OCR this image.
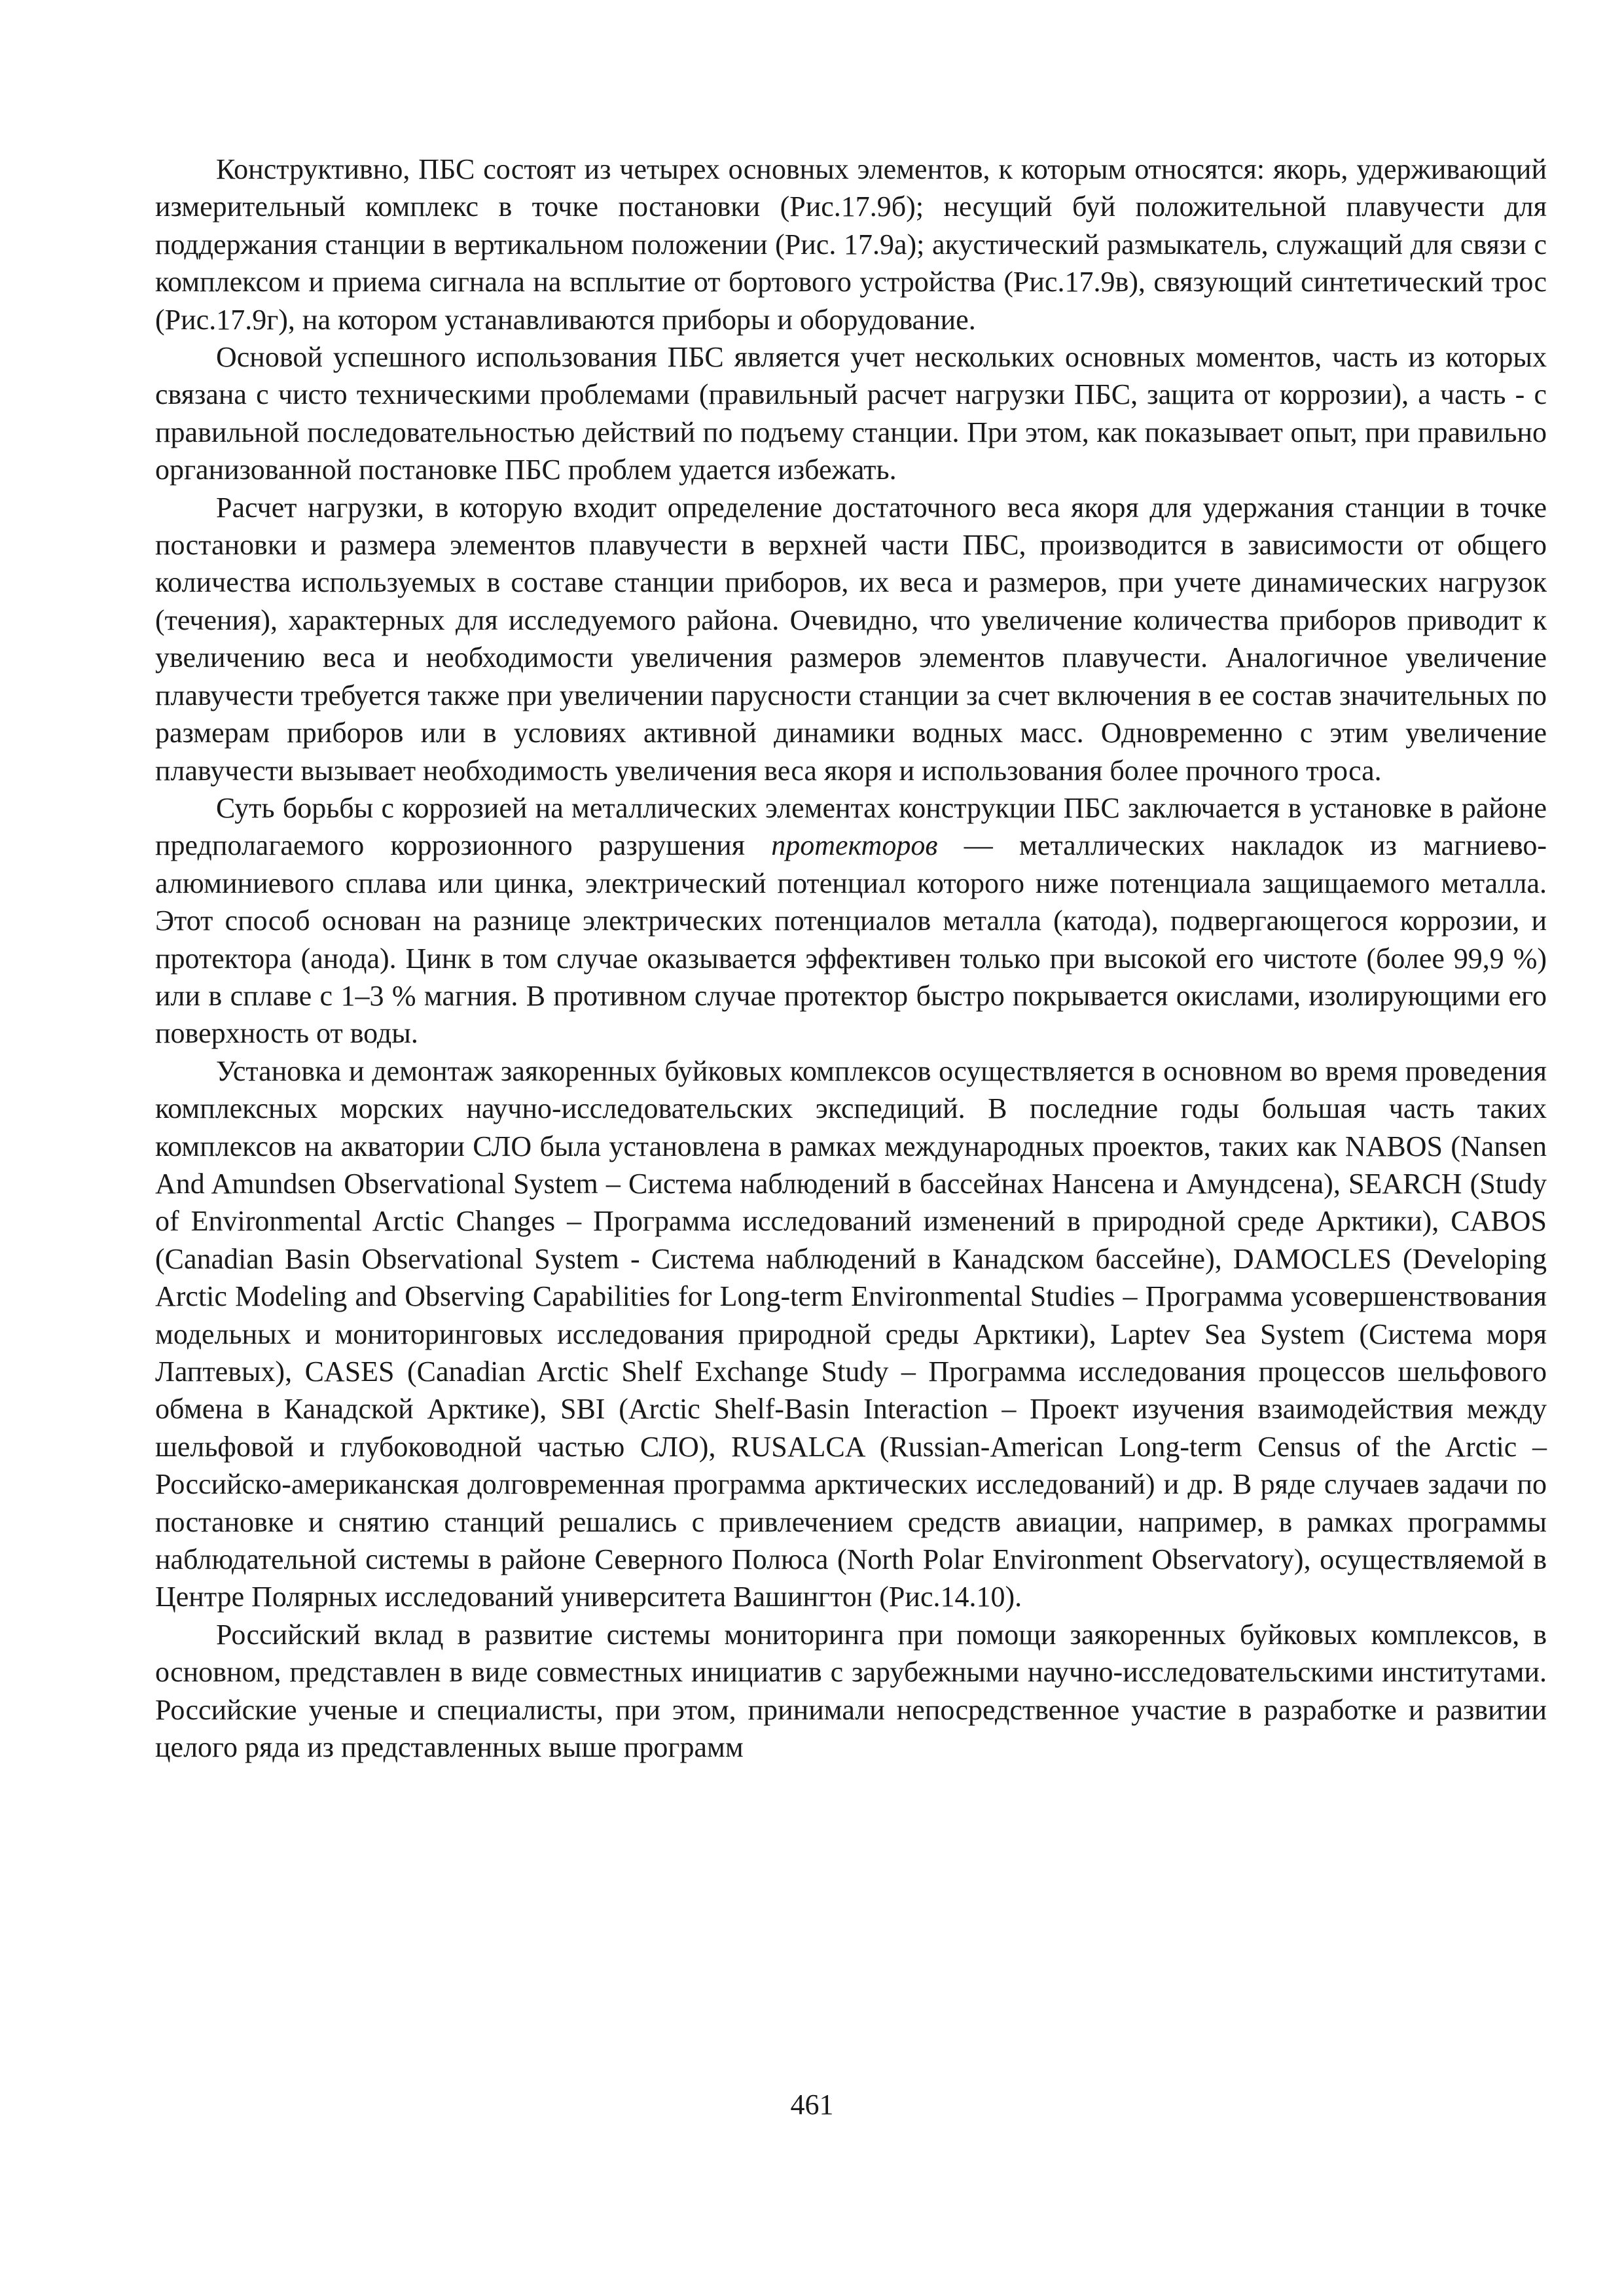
Конструктивно, ПБС состоят из четырех основных элементов, к которым относятся: якорь, удерживающий измерительный комплекс в точке постановки (Рис.17.9б); несущий буй положительной плавучести для поддержания станции в вертикальном положении (Рис. 17.9а); акустический размыкатель, служащий для связи с комплексом и приема сигнала на всплытие от бортового устройства (Рис.17.9в), связующий синтетический трос (Рис.17.9г), на котором устанавливаются приборы и оборудование.

Основой успешного использования ПБС является учет нескольких основных моментов, часть из которых связана с чисто техническими проблемами (правильный расчет нагрузки ПБС, защита от коррозии), а часть - с правильной последовательностью действий по подъему станции. При этом, как показывает опыт, при правильно организованной постановке ПБС проблем удается избежать.

Расчет нагрузки, в которую входит определение достаточного веса якоря для удержания станции в точке постановки и размера элементов плавучести в верхней части ПБС, производится в зависимости от общего количества используемых в составе станции приборов, их веса и размеров, при учете динамических нагрузок (течения), характерных для исследуемого района. Очевидно, что увеличение количества приборов приводит к увеличению веса и необходимости увеличения размеров элементов плавучести. Аналогичное увеличение плавучести требуется также при увеличении парусности станции за счет включения в ее состав значительных по размерам приборов или в условиях активной динамики водных масс. Одновременно с этим увеличение плавучести вызывает необходимость увеличения веса якоря и использования более прочного троса.

Суть борьбы с коррозией на металлических элементах конструкции ПБС заключается в установке в районе предполагаемого коррозионного разрушения протекторов — металлических накладок из магниево-алюминиевого сплава или цинка, электрический потенциал которого ниже потенциала защищаемого металла. Этот способ основан на разнице электрических потенциалов металла (катода), подвергающегося коррозии, и протектора (анода). Цинк в том случае оказывается эффективен только при высокой его чистоте (более 99,9 %) или в сплаве с 1–3 % магния. В противном случае протектор быстро покрывается окислами, изолирующими его поверхность от воды.

Установка и демонтаж заякоренных буйковых комплексов осуществляется в основном во время проведения комплексных морских научно-исследовательских экспедиций. В последние годы большая часть таких комплексов на акватории СЛО была установлена в рамках международных проектов, таких как NABOS (Nansen And Amundsen Observational System – Система наблюдений в бассейнах Нансена и Амундсена), SEARCH (Study of Environmental Arctic Changes – Программа исследований изменений в природной среде Арктики), CABOS (Canadian Basin Observational System - Система наблюдений в Канадском бассейне), DAMOCLES (Developing Arctic Modeling and Observing Capabilities for Long-term Environmental Studies – Программа усовершенствования модельных и мониторинговых исследования природной среды Арктики), Laptev Sea System (Система моря Лаптевых), CASES (Canadian Arctic Shelf Exchange Study – Программа исследования процессов шельфового обмена в Канадской Арктике), SBI (Arctic Shelf-Basin Interaction – Проект изучения взаимодействия между шельфовой и глубоководной частью СЛО), RUSALCA (Russian-American Long-term Census of the Arctic – Российско-американская долговременная программа арктических исследований) и др. В ряде случаев задачи по постановке и снятию станций решались с привлечением средств авиации, например, в рамках программы наблюдательной системы в районе Северного Полюса (North Polar Environment Observatory), осуществляемой в Центре Полярных исследований университета Вашингтон (Рис.14.10).

Российский вклад в развитие системы мониторинга при помощи заякоренных буйковых комплексов, в основном, представлен в виде совместных инициатив с зарубежными научно-исследовательскими институтами. Российские ученые и специалисты, при этом, принимали непосредственное участие в разработке и развитии целого ряда из представленных выше программ

461
